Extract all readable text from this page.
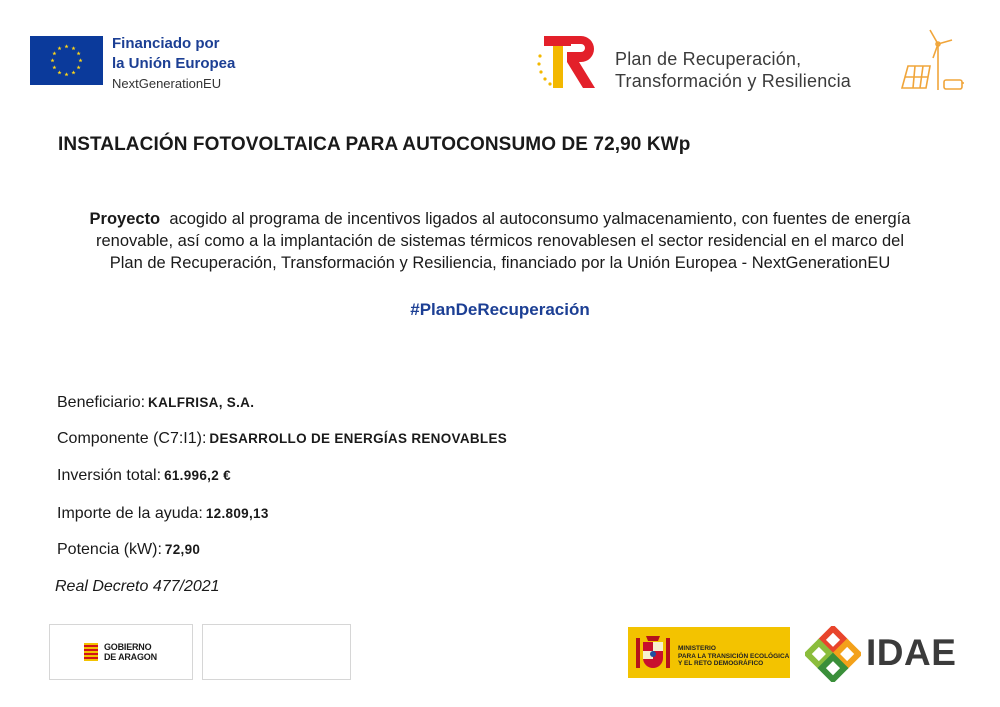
Financiado por
la Unión Europea
NextGenerationEU
Plan de Recuperación,
Transformación y Resiliencia
INSTALACIÓN FOTOVOLTAICA PARA AUTOCONSUMO DE 72,90 KWp
Proyecto acogido al programa de incentivos ligados al autoconsumo yalmacenamiento, con fuentes de energía
renovable, así como a la implantación de sistemas térmicos renovablesen el sector residencial en el marco del
Plan de Recuperación, Transformación y Resiliencia, financiado por la Unión Europea - NextGenerationEU
#PlanDeRecuperación
Beneficiario: KALFRISA, S.A.
Componente (C7:I1): DESARROLLO DE ENERGÍAS RENOVABLES
Inversión total: 61.996,2 €
Importe de la ayuda: 12.809,13
Potencia (kW): 72,90
Real Decreto 477/2021
GOBIERNO
DE ARAGON
MINISTERIO
PARA LA TRANSICIÓN ECOLÓGICA
Y EL RETO DEMOGRÁFICO	IDAE
